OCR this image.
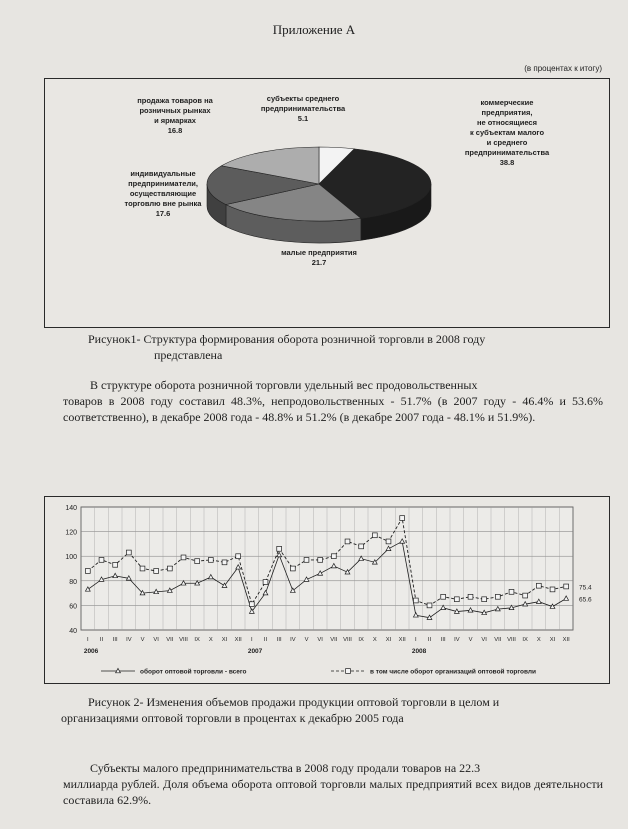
Приложение А
(в процентах к итогу)
субъекты среднего предпринимательства 5.1
коммерческие предприятия, не относящиеся к субъектам малого и среднего предпринимательства 38.8
малые предприятия 21.7
индивидуальные предприниматели, осуществляющие торговлю вне рынка 17.6
продажа товаров на розничных рынках и ярмарках 16.8
Рисунок1- Структура формирования оборота розничной торговли в 2008 году
представлена
В структуре оборота розничной торговли удельный вес продовольственных
товаров в 2008 году составил 48.3%, непродовольственных - 51.7% (в 2007 году - 46.4% и 53.6% соответственно), в декабре 2008 года - 48.8% и 51.2% (в декабре 2007 года - 48.1% и 51.9%).
40
60
80
100
120
140
I II III IV V VI VII VIII IX X XI XII I II III IV V VI VII VIII IX X XI XII I II III IV V VI VII VIII IX X XI XII
2006	2007	2008
65.6
75.4
оборот оптовой торговли - всего	в том числе оборот организаций оптовой торговли
Рисунок 2- Изменения объемов продажи продукции оптовой торговли в целом и
организациями оптовой торговли в процентах к декабрю 2005 года
Субъекты малого предпринимательства в 2008 году продали товаров на 22.3
миллиарда рублей. Доля объема оборота оптовой торговли малых предприятий всех видов деятельности составила 62.9%.
